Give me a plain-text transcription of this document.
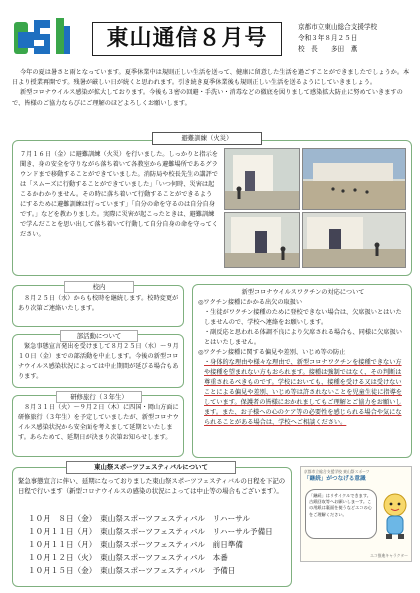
東山通信８月号	京都市立東山総合支援学校
令和３年８月２５日
校　長　　多田　薫

今年の夏は暑さと雨となっています。夏季休業中は規則正しい生活を送って、健康に留意した生活を過ごすことができましたでしょうか。本日より授業再開です。残暑が厳しい日が続くと思われます。引き続き夏季休業後も規則正しい生活を送るようにしていきましょう。

新型コロナウイルス感染が拡大しております。今後も３密の回避・手洗い・消毒などの徹底を図りまして感染拡大防止に努めていきますので、皆様のご協力ならびにご理解のほどよろしくお願いします。

避難訓練（火災）
７月１６日（金）に避難訓練（火災）を行いました。しっかりと指示を聞き、身の安全を守りながら落ち着いて各教室から避難場所であるグラウンドまで移動することができていました。消防局や校長先生の講評では「スムーズに行動することができていました」「いつ何時、災害は起こるかわかりません。その時に落ち着いて行動することができるようにするために避難訓練は行っています」「自分の命を守るのは自分自身です。」などを教わりました。実際に災害が起こったときは、避難訓練で学んだことを思い出して落ち着いて行動して自分自身の命を守ってください。
校内
８月２５日（水）からも校時を継続します。校時変更があり次第ご連絡いたします。
部活動について
緊急事態宣言発出を受けまして８月２５日（水）～９月１０日（金）までの部活動を中止します。今後の新型コロナウイルス感染状況によっては中止期間が延びる場合もあります。
研修旅行（３年生）
８月３１日（火）～９月２日（木）に四国・岡山方面に研修旅行（３年生）を予定していましたが、新型コロナウイルス感染状況から安全面を考えまして延期といたします。あらためて、延期日が決まり次第お知らせします。
新型コロナウイルスワクチンの対応について
◎ワクチン接種にかかる出欠の取扱い
・生徒がワクチン接種のために登校できない場合は、欠席扱いとはいたしませんので、学校へ連絡をお願いします。
・副反応と思われる体調不良により欠席される場合も、同様に欠席扱いとはいたしません。
◎ワクチン接種に関する偏見や差別、いじめ等の防止
・身体的な理由や様々な理由で、新型コロナワクチンを接種できない方や接種を望まれない方もおられます。接種は強制ではなく、その判断は尊重されるべきものです。学校においても、接種を受ける又は受けないことによる偏見や差別、いじめ等は許されないことを児童生徒に指導をしています。保護者の皆様におかれましてもご理解とご協力をお願いします。また、お子様への心のケア等の必要性を感じられる場合や気になられることがある場合は、学校へご相談ください。
東山祭スポーツフェスティバルについて
緊急事態宣言に伴い、延期になっておりました東山祭スポーツフェスティバルの日程を下記の日程で行います（新型コロナウイルスの感染の状況によっては中止等の場合もございます）。
１０月　８日（金）　 東山祭スポーツフェスティバル　 リハーサル
１０月１１日（月）　 東山祭スポーツフェスティバル　 リハーサル予備日
１０月１１日（月）　 東山祭スポーツフェスティバル　 前日準備
１０月１２日（火）　 東山祭スポーツフェスティバル　 本番
１０月１５日（金）　 東山祭スポーツフェスティバル　 予備日
京都市立総合支援学校 東山祭スポーツ
「継続」がつなげる意識
「継続」はリサイクルできます。古紙回収等へお願いしまーす。この用紙は裏面を使うなどエコの心をご理解ください。
エコ推進キャラクター
